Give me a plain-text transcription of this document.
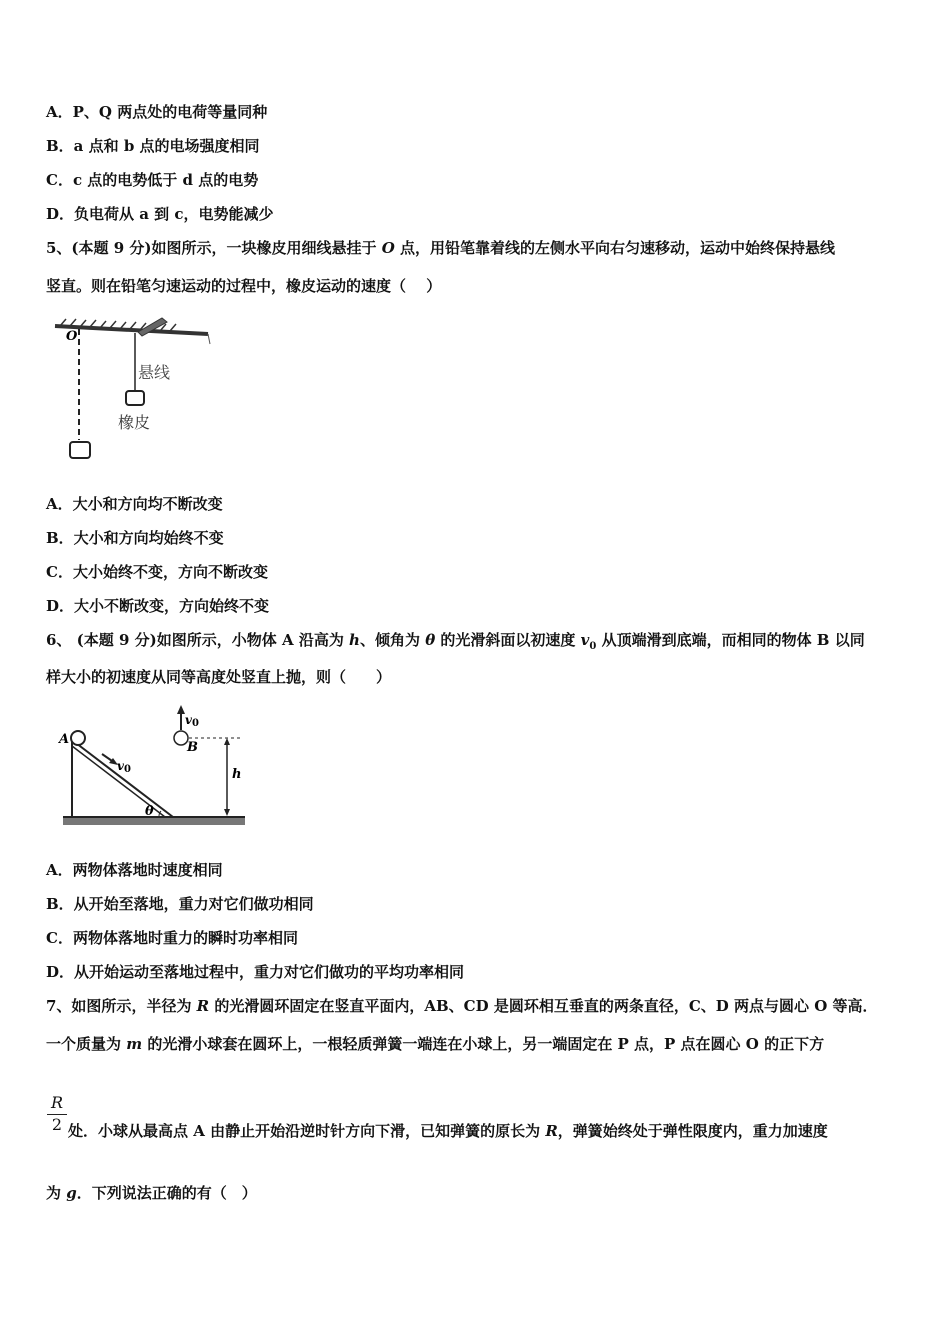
A．P、Q 两点处的电荷等量同种
B．a 点和 b 点的电场强度相同
C．c 点的电势低于 d 点的电势
D．负电荷从 a 到 c，电势能减少
5、(本题 9 分)如图所示，一块橡皮用细线悬挂于 O 点，用铅笔靠着线的左侧水平向右匀速移动，运动中始终保持悬线
竖直。则在铅笔匀速运动的过程中，橡皮运动的速度（　 ）
O
悬线
橡皮
A．大小和方向均不断改变
B．大小和方向均始终不变
C．大小始终不变，方向不断改变
D．大小不断改变，方向始终不变
6、 (本题 9 分)如图所示，小物体 A 沿高为 h、倾角为 θ 的光滑斜面以初速度 $v_0$ 从顶端滑到底端，而相同的物体 B 以同
样大小的初速度从同等高度处竖直上抛，则（　　）
A
v0
B
v0
h
θ
A．两物体落地时速度相同
B．从开始至落地，重力对它们做功相同
C．两物体落地时重力的瞬时功率相同
D．从开始运动至落地过程中，重力对它们做功的平均功率相同
7、如图所示，半径为 R 的光滑圆环固定在竖直平面内，AB、CD 是圆环相互垂直的两条直径，C、D 两点与圆心 O 等高．
一个质量为 m 的光滑小球套在圆环上，一根轻质弹簧一端连在小球上，另一端固定在 P 点，P 点在圆心 O 的正下方
R
2 处．小球从最高点 A 由静止开始沿逆时针方向下滑，已知弹簧的原长为 R，弹簧始终处于弹性限度内，重力加速度
为 g．下列说法正确的有（　）
